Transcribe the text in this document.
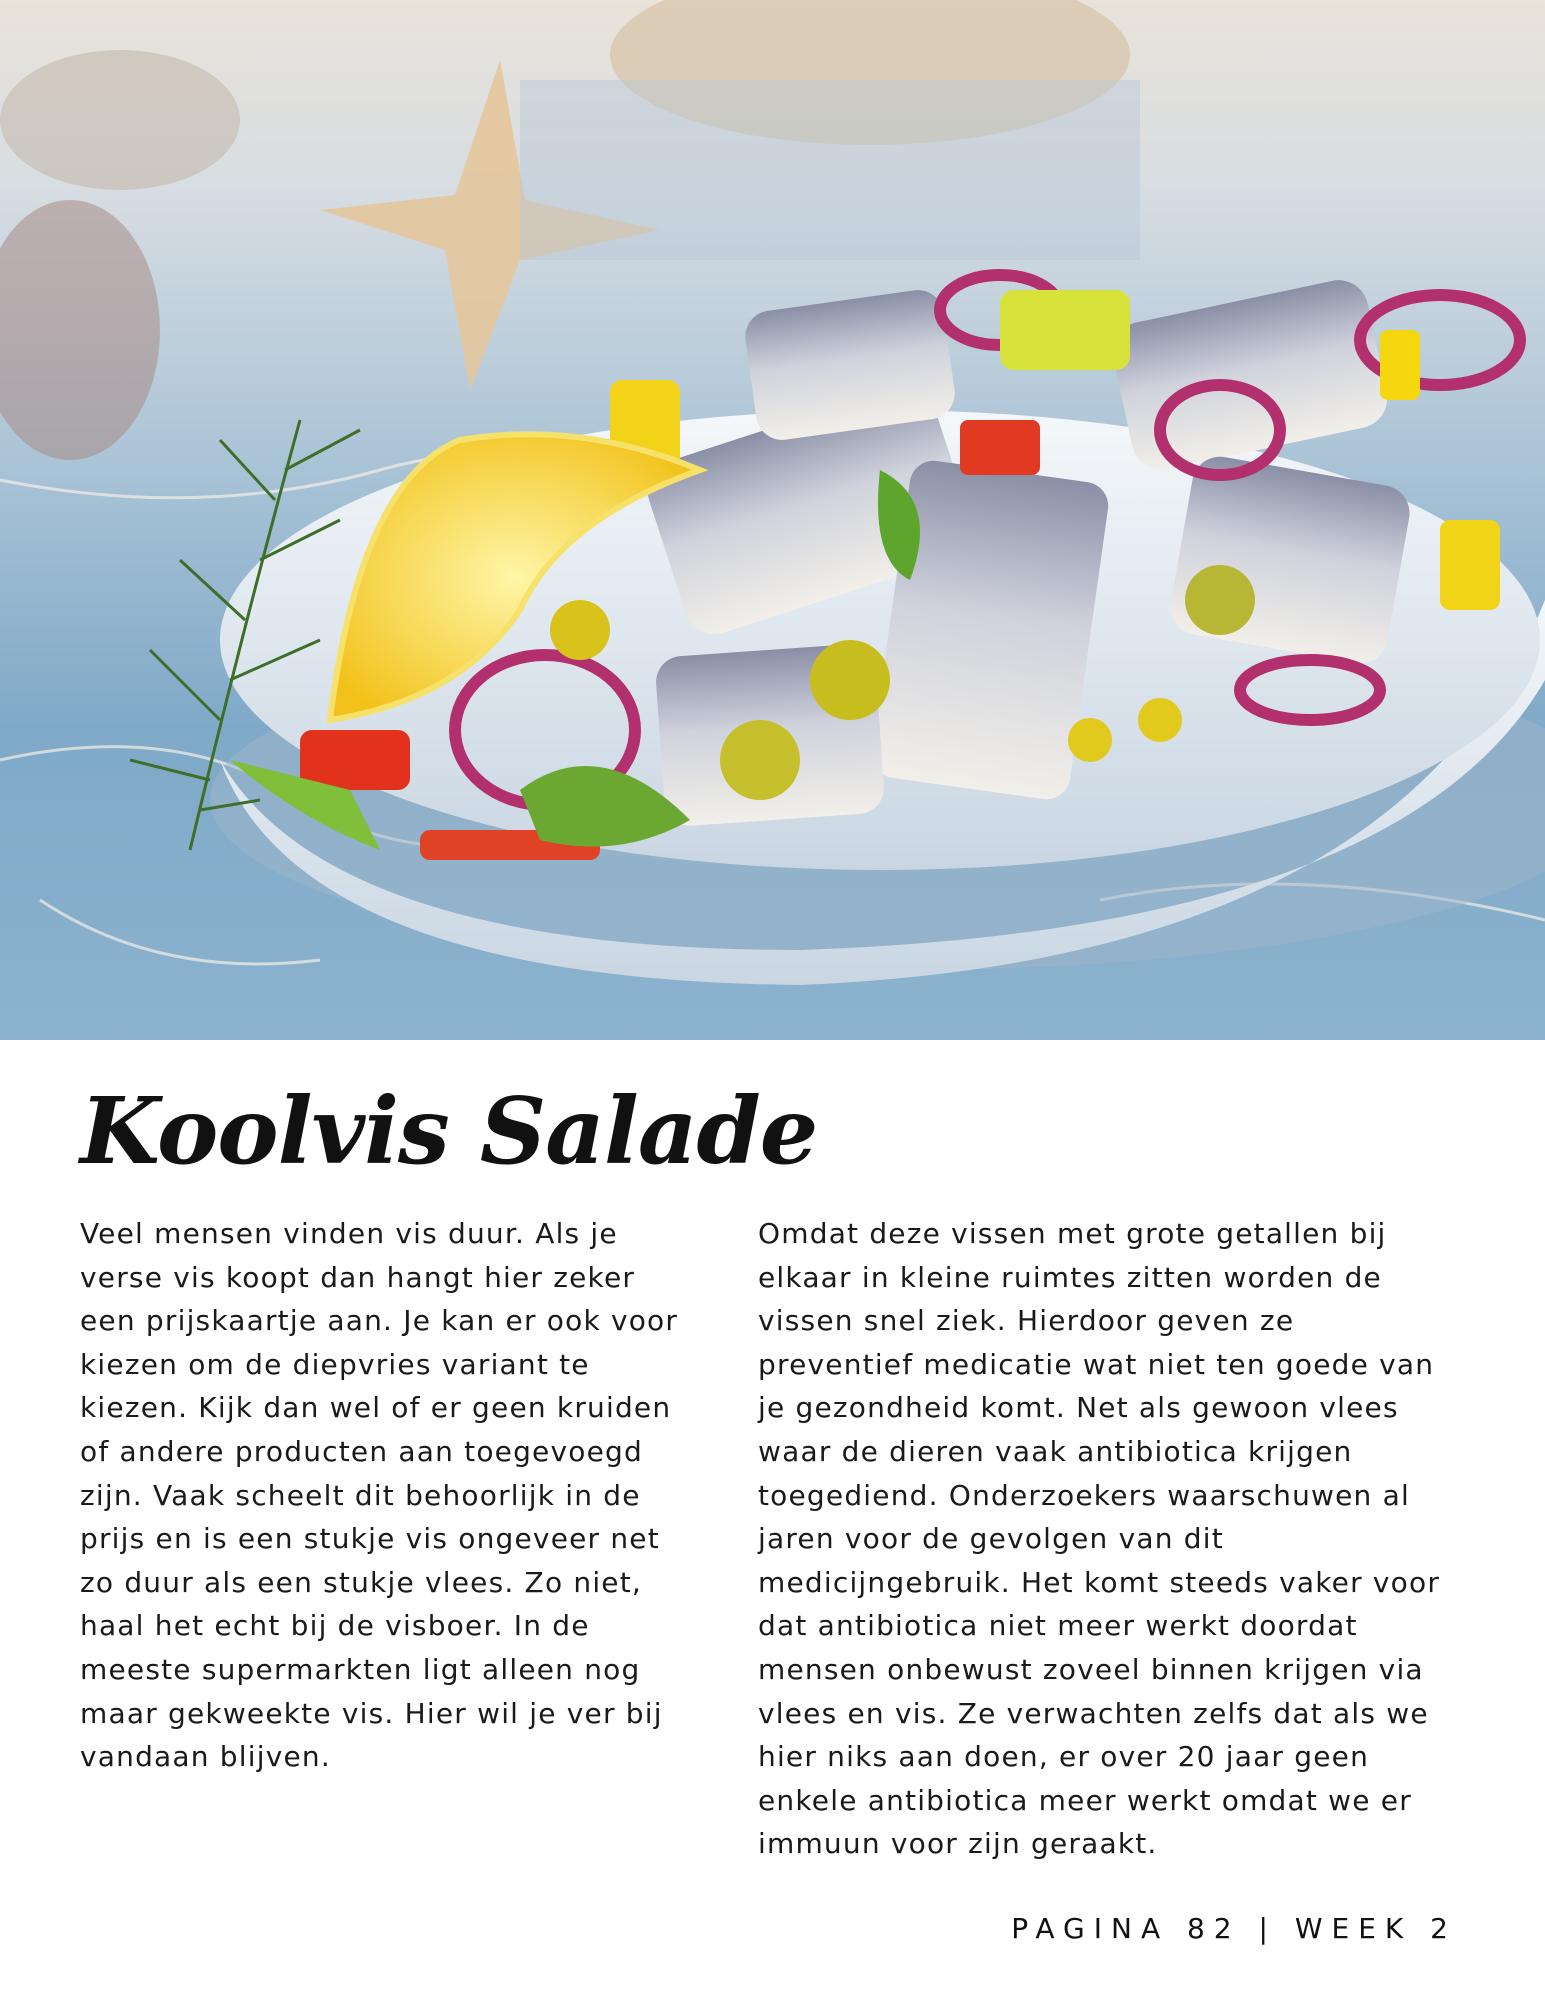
Koolvis Salade

Veel mensen vinden vis duur. Als je verse vis koopt dan hangt hier zeker een prijskaartje aan. Je kan er ook voor kiezen om de diepvries variant te kiezen. Kijk dan wel of er geen kruiden of andere producten aan toegevoegd zijn. Vaak scheelt dit behoorlijk in de prijs en is een stukje vis ongeveer net zo duur als een stukje vlees. Zo niet, haal het echt bij de visboer. In de meeste supermarkten ligt alleen nog maar gekweekte vis. Hier wil je ver bij vandaan blijven.

Omdat deze vissen met grote getallen bij elkaar in kleine ruimtes zitten worden de vissen snel ziek. Hierdoor geven ze preventief medicatie wat niet ten goede van je gezondheid komt. Net als gewoon vlees waar de dieren vaak antibiotica krijgen toegediend. Onderzoekers waarschuwen al jaren voor de gevolgen van dit medicijngebruik. Het komt steeds vaker voor dat antibiotica niet meer werkt doordat mensen onbewust zoveel binnen krijgen via vlees en vis. Ze verwachten zelfs dat als we hier niks aan doen, er over 20 jaar geen enkele antibiotica meer werkt omdat we er immuun voor zijn geraakt.

PAGINA 82 | WEEK 2
